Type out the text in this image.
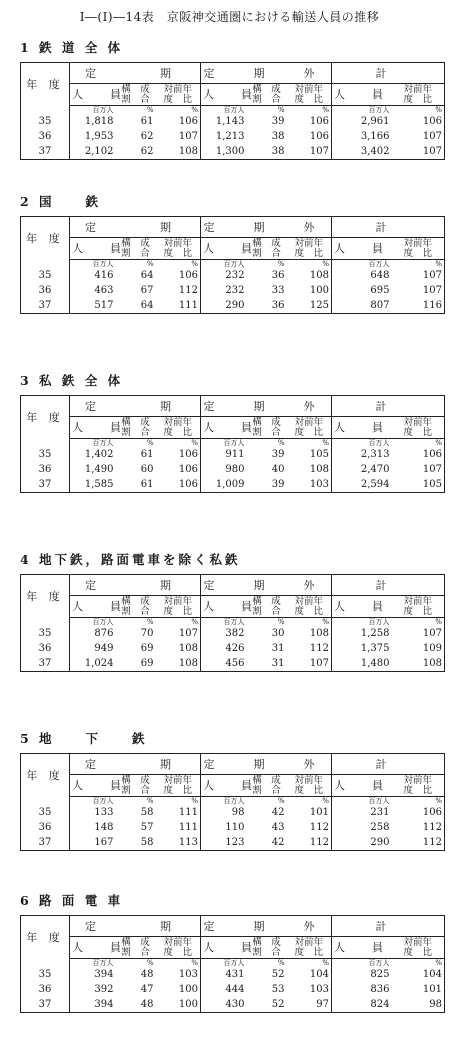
Ⅰ―(Ⅰ)―14表　京阪神交通圏における輸送人員の推移
1 鉄 道 全 体
年 度	定　　期			定　期　外			計	
	人　員	構　成
割　合	対前年
度　比	人　員	構　成
割　合	対前年
度　比	人　員	対前年
度　比
	百万人	%	%	百万人	%	%	百万人	%
35	1,818	61	106	1,143	39	106	2,961	106
36	1,953	62	107	1,213	38	106	3,166	107
37	2,102	62	108	1,300	38	107	3,402	107
2 国　　鉄
年 度	定　　期			定　期　外			計	
	人　員	構　成
割　合	対前年
度　比	人　員	構　成
割　合	対前年
度　比	人　員	対前年
度　比
	百万人	%	%	百万人	%	%	百万人	%
35	416	64	106	232	36	108	648	107
36	463	67	112	232	33	100	695	107
37	517	64	111	290	36	125	807	116
3 私 鉄 全 体
年 度	定　　期			定　期　外			計	
	人　員	構　成
割　合	対前年
度　比	人　員	構　成
割　合	対前年
度　比	人　員	対前年
度　比
	百万人	%	%	百万人	%	%	百万人	%
35	1,402	61	106	911	39	105	2,313	106
36	1,490	60	106	980	40	108	2,470	107
37	1,585	61	106	1,009	39	103	2,594	105
4 地下鉄，路面電車を除く私鉄
年 度	定　　期			定　期　外			計	
	人　員	構　成
割　合	対前年
度　比	人　員	構　成
割　合	対前年
度　比	人　員	対前年
度　比
	百万人	%	%	百万人	%	%	百万人	%
35	876	70	107	382	30	108	1,258	107
36	949	69	108	426	31	112	1,375	109
37	1,024	69	108	456	31	107	1,480	108
5 地　　下　　鉄
年 度	定　　期			定　期　外			計	
	人　員	構　成
割　合	対前年
度　比	人　員	構　成
割　合	対前年
度　比	人　員	対前年
度　比
	百万人	%	%	百万人	%	%	百万人	%
35	133	58	111	98	42	101	231	106
36	148	57	111	110	43	112	258	112
37	167	58	113	123	42	112	290	112
6 路 面 電 車
年 度	定　　期			定　期　外			計	
	人　員	構　成
割　合	対前年
度　比	人　員	構　成
割　合	対前年
度　比	人　員	対前年
度　比
	百万人	%	%	百万人	%	%	百万人	%
35	394	48	103	431	52	104	825	104
36	392	47	100	444	53	103	836	101
37	394	48	100	430	52	97	824	98
